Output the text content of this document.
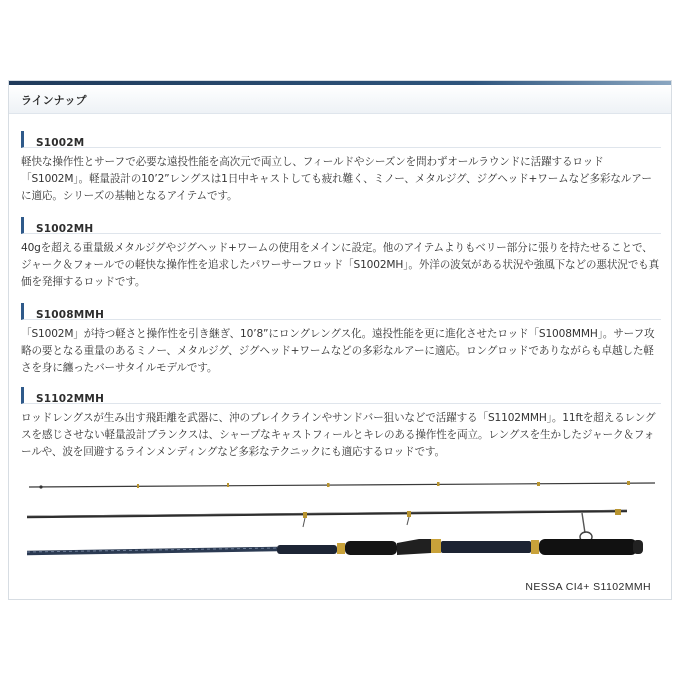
ラインナップ
S1002M
軽快な操作性とサーフで必要な遠投性能を高次元で両立し、フィールドやシーズンを問わずオールラウンドに活躍するロッド「S1002M」。軽量設計の10’2”レングスは1日中キャストしても疲れ難く、ミノー、メタルジグ、ジグヘッド+ワームなど多彩なルアーに適応。シリーズの基軸となるアイテムです。
S1002MH
40gを超える重量級メタルジグやジグヘッド+ワームの使用をメインに設定。他のアイテムよりもベリー部分に張りを持たせることで、ジャーク＆フォールでの軽快な操作性を追求したパワーサーフロッド「S1002MH」。外洋の波気がある状況や強風下などの悪状況でも真価を発揮するロッドです。
S1008MMH
「S1002M」が持つ軽さと操作性を引き継ぎ、10’8”にロングレングス化。遠投性能を更に進化させたロッド「S1008MMH」。サーフ攻略の要となる重量のあるミノー、メタルジグ、ジグヘッド+ワームなどの多彩なルアーに適応。ロングロッドでありながらも卓越した軽さを身に纏ったバーサタイルモデルです。
S1102MMH
ロッドレングスが生み出す飛距離を武器に、沖のブレイクラインやサンドバー狙いなどで活躍する「S1102MMH」。11ftを超えるレングスを感じさせない軽量設計ブランクスは、シャープなキャストフィールとキレのある操作性を両立。レングスを生かしたジャーク＆フォールや、波を回避するラインメンディングなど多彩なテクニックにも適応するロッドです。
NESSA CI4+ S1102MMH
